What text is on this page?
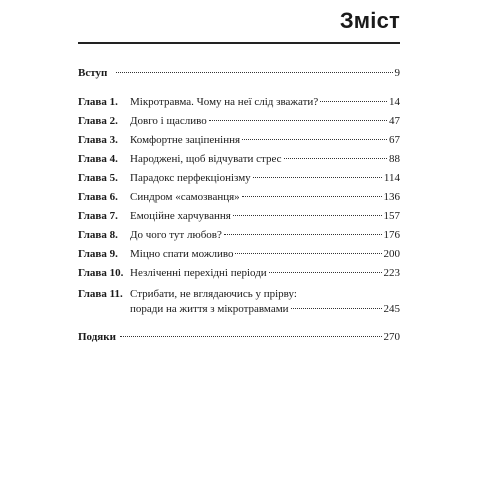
Зміст
Вступ	9
Глава 1. Мікротравма. Чому на неї слід зважати?	14
Глава 2. Довго і щасливо	47
Глава 3. Комфортне заціпеніння	67
Глава 4. Народжені, щоб відчувати стрес	88
Глава 5. Парадокс перфекціонізму	114
Глава 6. Синдром «самозванця»	136
Глава 7. Емоційне харчування	157
Глава 8. До чого тут любов?	176
Глава 9. Міцно спати можливо	200
Глава 10. Незліченні перехідні періоди	223
Глава 11. Стрибати, не вглядаючись у прірву:
поради на життя з мікротравмами	245
Подяки	270
